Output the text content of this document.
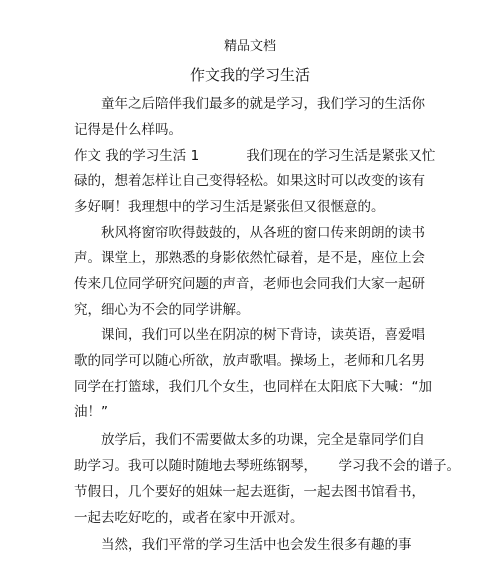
精品文档
作文我的学习生活
童年之后陪伴我们最多的就是学习，我们学习的生活你
记得是什么样吗。
作文 我的学习生活 1           我们现在的学习生活是紧张又忙
碌的，想着怎样让自己变得轻松。如果这时可以改变的该有
多好啊！我理想中的学习生活是紧张但又很惬意的。
秋风将窗帘吹得鼓鼓的，从各班的窗口传来朗朗的读书
声。课堂上，那熟悉的身影依然忙碌着，是不是，座位上会
传来几位同学研究问题的声音，老师也会同我们大家一起研
究，细心为不会的同学讲解。
课间，我们可以坐在阴凉的树下背诗，读英语，喜爱唱
歌的同学可以随心所欲，放声歌唱。操场上，老师和几名男
同学在打篮球，我们几个女生，也同样在太阳底下大喊：“加
油！”
放学后，我们不需要做太多的功课，完全是靠同学们自
助学习。我可以随时随地去琴班练钢琴，     学习我不会的谱子。
节假日，几个要好的姐妹一起去逛街，一起去图书馆看书，
一起去吃好吃的，或者在家中开派对。
当然，我们平常的学习生活中也会发生很多有趣的事
